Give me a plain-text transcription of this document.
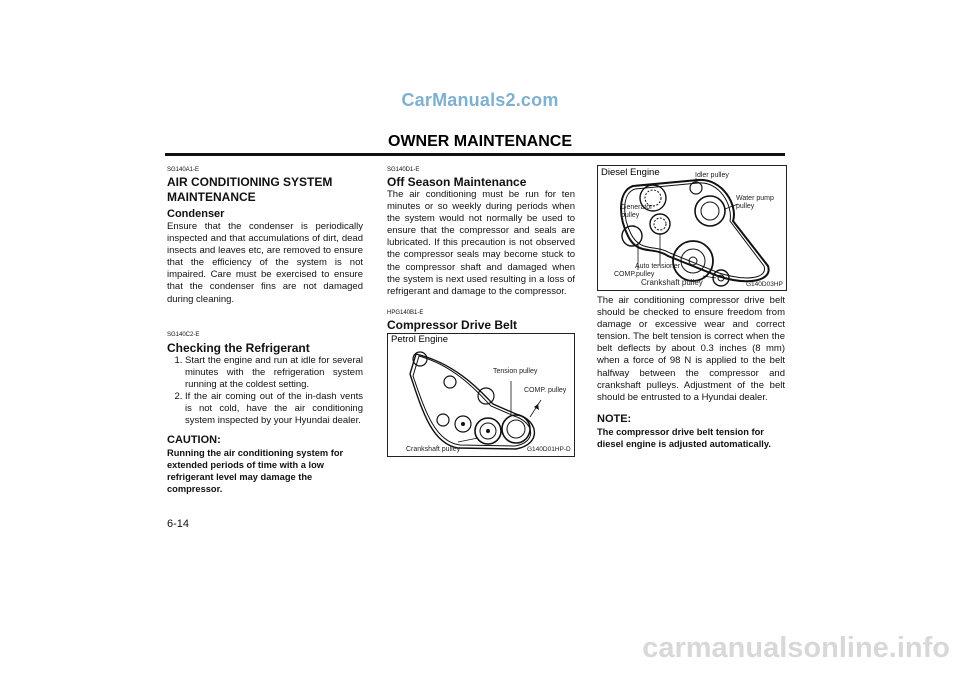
CarManuals2.com
OWNER MAINTENANCE
SG140A1-E
AIR CONDITIONING SYSTEM MAINTENANCE
Condenser

Ensure that the condenser is periodically inspected and that accumulations of dirt, dead insects and leaves etc, are removed to ensure that the efficiency of the system is not impaired. Care must be exercised to ensure that the condenser fins are not damaged during cleaning.

SG140C2-E
Checking the Refrigerant
1. Start the engine and run at idle for several minutes with the refrigeration system running at the coldest setting.
2. If the air coming out of the in-dash vents is not cold, have the air conditioning system inspected by your Hyundai dealer.
CAUTION:
Running the air conditioning system for extended periods of time with a low refrigerant level may damage the compressor.
SG140D1-E
Off Season Maintenance

The air conditioning must be run for ten minutes or so weekly during periods when the system would not normally be used to ensure that the compressor and seals are lubricated. If this precaution is not observed the compressor seals may become stuck to the compressor shaft and damaged when the system is next used resulting in a loss of refrigerant and damage to the compressor.

HPG140B1-E
Compressor Drive Belt
Petrol Engine
Tension pulley
COMP. pulley
Crankshaft pulley	G140D01HP-D
Diesel Engine	Idler pulley
Water pump pulley
Generator pulley
Auto tensioner
COMP.pulley
Crankshaft pulley	G140D03HP

The air conditioning compressor drive belt should be checked to ensure freedom from damage or excessive wear and correct tension. The belt tension is correct when the belt deflects by about 0.3 inches (8 mm) when a force of 98 N is applied to the belt halfway between the compressor and crankshaft pulleys. Adjustment of the belt should be entrusted to a Hyundai dealer.

NOTE:
The compressor drive belt tension for diesel engine is adjusted automatically.
6-14
carmanualsonline.info
